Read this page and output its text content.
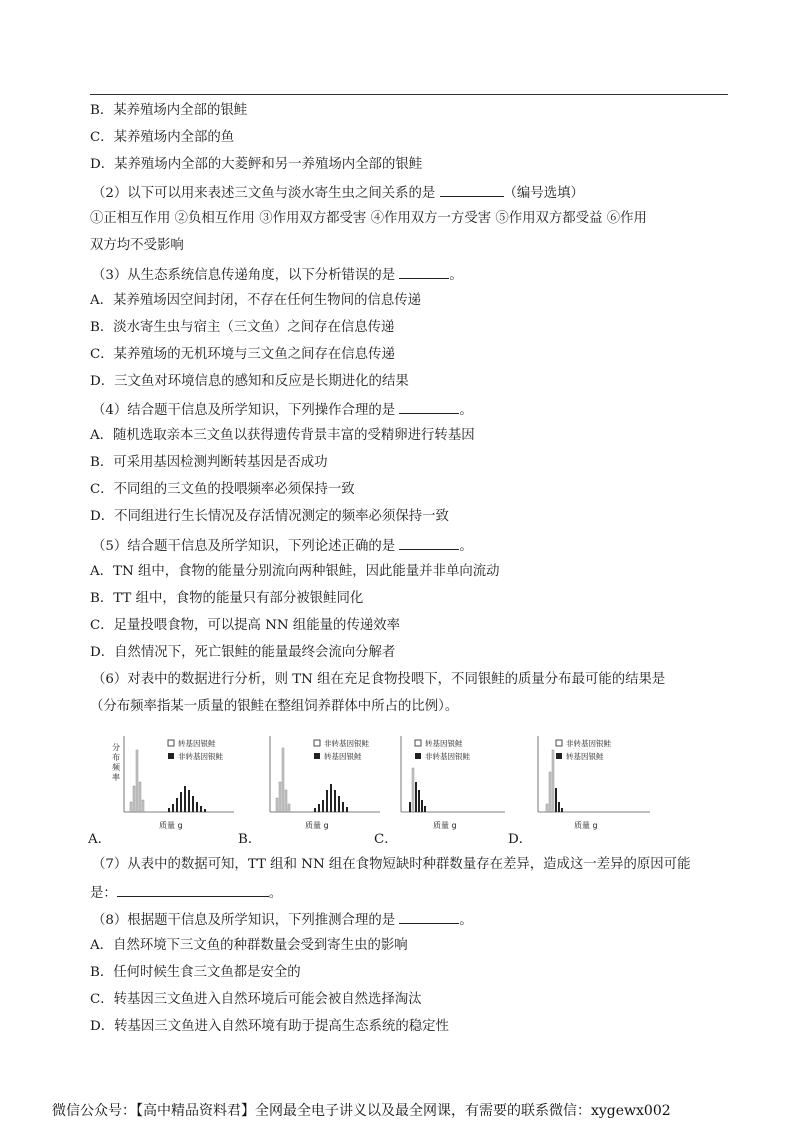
B．某养殖场内全部的银鲑
C．某养殖场内全部的鱼
D．某养殖场内全部的大菱鲆和另一养殖场内全部的银鲑
（2）以下可以用来表述三文鱼与淡水寄生虫之间关系的是	（编号选填）
①正相互作用 ②负相互作用 ③作用双方都受害 ④作用双方一方受害 ⑤作用双方都受益 ⑥作用
双方均不受影响
（3）从生态系统信息传递角度，以下分析错误的是	。
A．某养殖场因空间封闭，不存在任何生物间的信息传递
B．淡水寄生虫与宿主（三文鱼）之间存在信息传递
C．某养殖场的无机环境与三文鱼之间存在信息传递
D．三文鱼对环境信息的感知和反应是长期进化的结果
（4）结合题干信息及所学知识，下列操作合理的是	。
A．随机选取亲本三文鱼以获得遗传背景丰富的受精卵进行转基因
B．可采用基因检测判断转基因是否成功
C．不同组的三文鱼的投喂频率必须保持一致
D．不同组进行生长情况及存活情况测定的频率必须保持一致
（5）结合题干信息及所学知识，下列论述正确的是	。
A．TN 组中，食物的能量分别流向两种银鲑，因此能量并非单向流动
B．TT 组中，食物的能量只有部分被银鲑同化
C．足量投喂食物，可以提高 NN 组能量的传递效率
D．自然情况下，死亡银鲑的能量最终会流向分解者
（6）对表中的数据进行分析，则 TN 组在充足食物投喂下，不同银鲑的质量分布最可能的结果是
（分布频率指某一质量的银鲑在整组饲养群体中所占的比例）。
A．	B．	C．	D．
分
布
频
率
质量 g
转基因银鲑
非转基因银鲑
质量 g
非转基因银鲑
转基因银鲑
质量 g
转基因银鲑
非转基因银鲑
质量 g
非转基因银鲑
转基因银鲑
（7）从表中的数据可知，TT 组和 NN 组在食物短缺时种群数量存在差异，造成这一差异的原因可能
是：	。
（8）根据题干信息及所学知识，下列推测合理的是	。
A．自然环境下三文鱼的种群数量会受到寄生虫的影响
B．任何时候生食三文鱼都是安全的
C．转基因三文鱼进入自然环境后可能会被自然选择淘汰
D．转基因三文鱼进入自然环境有助于提高生态系统的稳定性
微信公众号：【高中精品资料君】全网最全电子讲义以及最全网课，有需要的联系微信：xygewx002
